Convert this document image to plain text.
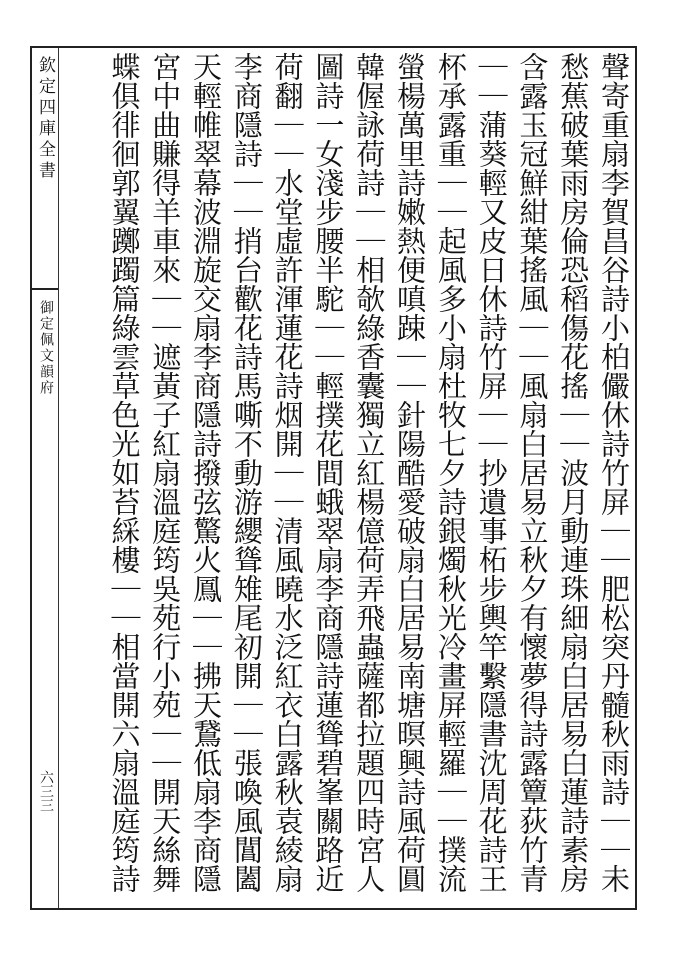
欽定四庫全書
御定佩文韻府
六三三	聲寄重扇李賀昌谷詩小柏儼休詩竹屏｜｜肥松突丹髓秋雨詩｜｜未愁蕉破葉雨房倫恐稻傷花搖｜｜波月動連珠細扇白居易白蓮詩素房含露玉冠鮮紺葉搖風｜｜風扇白居易立秋夕有懷夢得詩露簟荻竹青｜｜蒲葵輕又皮日休詩竹屏｜｜抄遺事柘步輿竿繫隱書沈周花詩王杯承露重｜｜起風多小扇杜牧七夕詩銀燭秋光冷畫屏輕羅｜｜撲流螢楊萬里詩嫩熱便嗔踈｜｜針陽酷愛破扇白居易南塘暝興詩風荷圓韓偓詠荷詩｜｜相欹綠香囊獨立紅楊億荷弄飛蟲薩都拉題四時宮人圖詩一女淺步腰半駝｜｜輕撲花間蛾翠扇李商隱詩蓮聳碧峯關路近荷翻｜｜水堂虛許渾蓮花詩烟開｜｜清風曉水泛紅衣白露秋袁綾扇李商隱詩｜｜捎台歡花詩馬嘶不動游纓聳雉尾初開｜｜張喚風閶闔天輕帷翠幕波淵旋交扇李商隱詩撥弦驚火鳳｜｜拂天鵞低扇李商隱宮中曲賺得羊車來｜｜遮黃子紅扇溫庭筠吳苑行小苑｜｜開天絲舞蝶俱徘徊郭翼躑躅篇綠雲草色光如苔綵樓｜｜相當開六扇溫庭筠詩
